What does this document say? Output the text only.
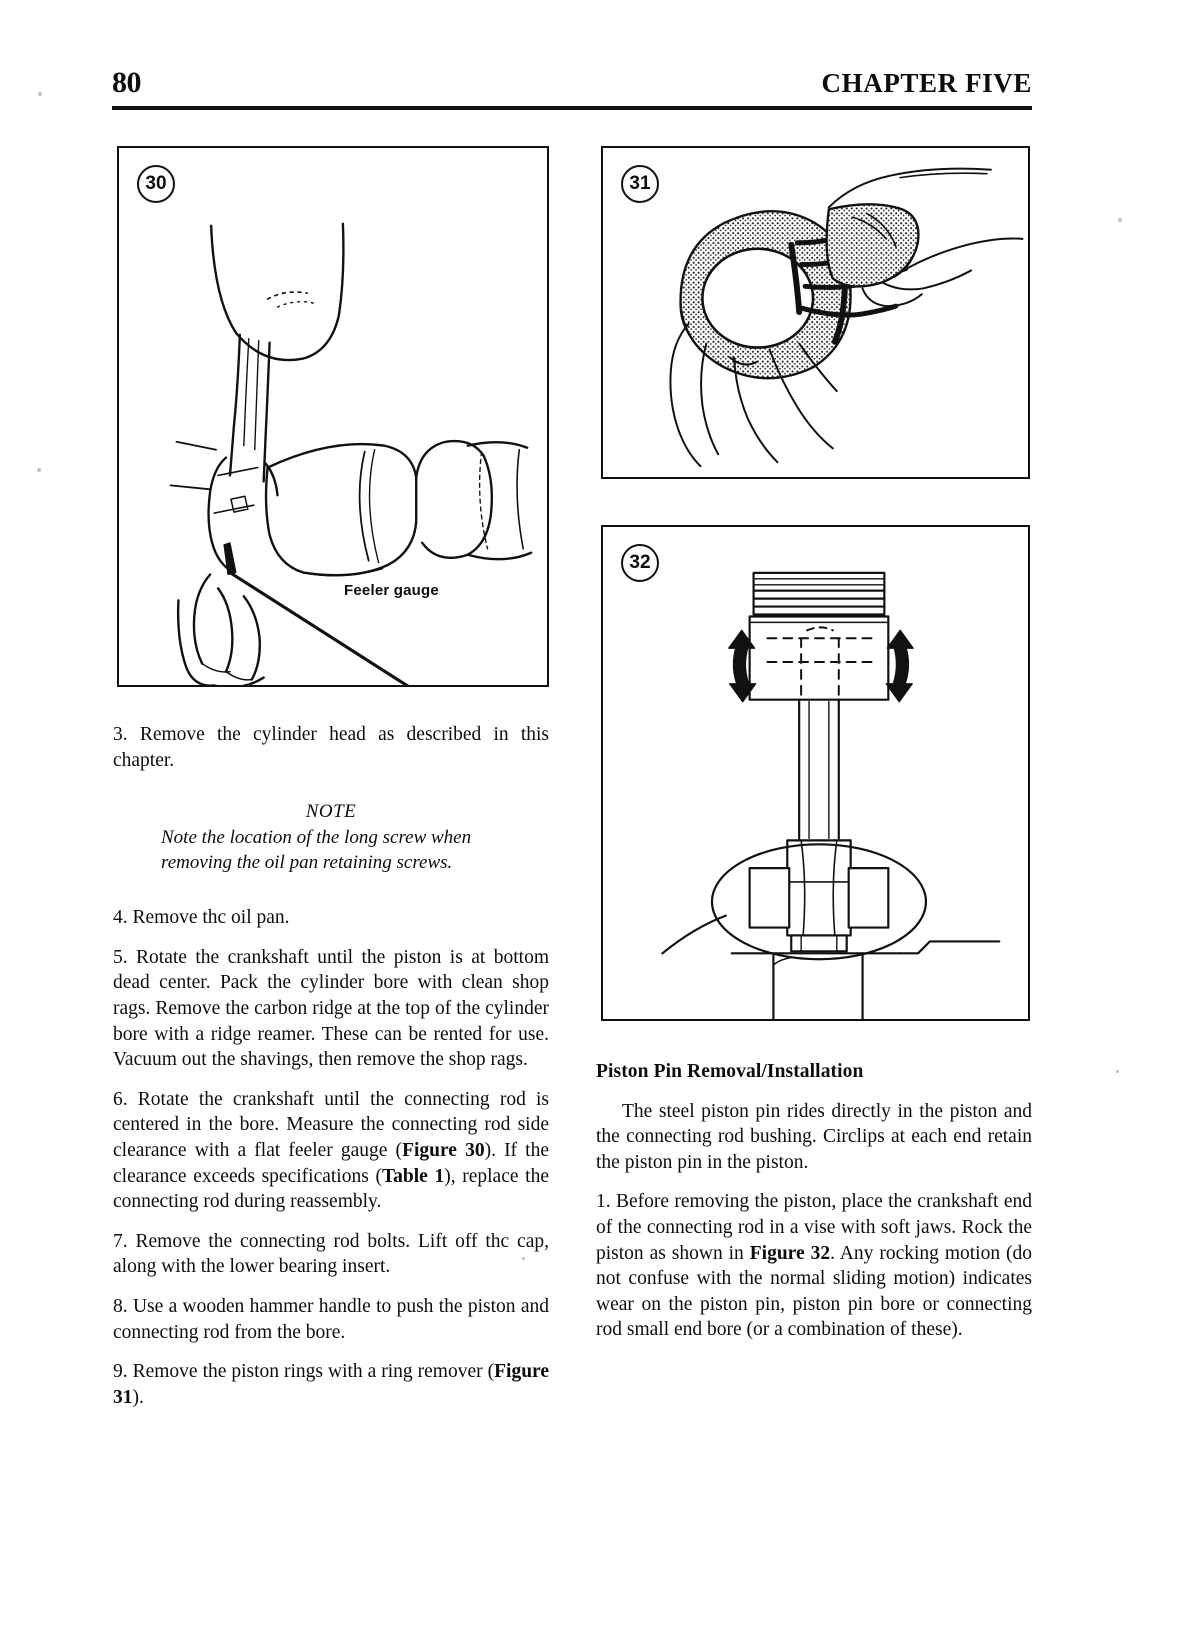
80	CHAPTER FIVE
30
Feeler gauge
31
32

3. Remove the cylinder head as described in this chapter.

NOTE
Note the location of the long screw when removing the oil pan retaining screws.

4. Remove thc oil pan.

5. Rotate the crankshaft until the piston is at bottom dead center. Pack the cylinder bore with clean shop rags. Remove the carbon ridge at the top of the cylinder bore with a ridge reamer. These can be rented for use. Vacuum out the shavings, then remove the shop rags.

6. Rotate the crankshaft until the connecting rod is centered in the bore. Measure the connecting rod side clearance with a flat feeler gauge (Figure 30). If the clearance exceeds specifications (Table 1), replace the connecting rod during reassembly.

7. Remove the connecting rod bolts. Lift off thc cap, along with the lower bearing insert.

8. Use a wooden hammer handle to push the piston and connecting rod from the bore.

9. Remove the piston rings with a ring remover (Figure 31).

Piston Pin Removal/Installation

The steel piston pin rides directly in the piston and the connecting rod bushing. Circlips at each end retain the piston pin in the piston.

1. Before removing the piston, place the crankshaft end of the connecting rod in a vise with soft jaws. Rock the piston as shown in Figure 32. Any rocking motion (do not confuse with the normal sliding motion) indicates wear on the piston pin, piston pin bore or connecting rod small end bore (or a combination of these).
